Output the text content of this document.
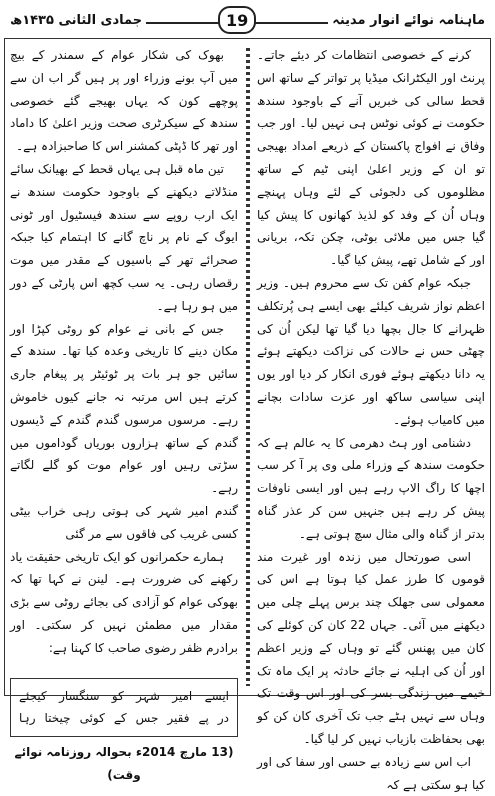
ماہنامہ نوائے انوار مدینہ
19
جمادی الثانی ۱۴۳۵ھ

کرنے کے خصوصی انتظامات کر دیئے جاتے۔ پرنٹ اور الیکٹرانک میڈیا پر تواتر کے ساتھ اس قحط سالی کی خبریں آنے کے باوجود سندھ حکومت نے کوئی نوٹس ہی نہیں لیا۔ اور جب وفاق نے افواج پاکستان کے ذریعے امداد بھیجی تو ان کے وزیر اعلیٰ اپنی ٹیم کے ساتھ مظلوموں کی دلجوئی کے لئے وہاں پہنچے وہاں اُن کے وفد کو لذیذ کھانوں کا پیش کیا گیا جس میں ملائی بوٹی، چکن تکہ، بریانی اور کے شامل تھے، پیش کیا گیا۔

جبکہ عوام کفن تک سے محروم ہیں۔ وزیر اعظم نواز شریف کیلئے بھی ایسے ہی پُرتکلف ظہرانے کا جال بچھا دیا گیا تھا لیکن اُن کی چھٹی حس نے حالات کی نزاکت دیکھتے ہوئے یہ دانا دیکھتے ہوئے فوری انکار کر دیا اور یوں اپنی سیاسی ساکھ اور عزت سادات بچانے میں کامیاب ہوئے۔

دشنامی اور ہٹ دھرمی کا یہ عالم ہے کہ حکومت سندھ کے وزراء ملی وی پر آ کر سب اچھا کا راگ الاپ رہے ہیں اور ایسی ناوفات پیش کر رہے ہیں جنہیں سن کر عذر گناہ بدتر از گناہ والی مثال سچ ہوتی ہے۔

اسی صورتحال میں زندہ اور غیرت مند قوموں کا طرز عمل کیا ہوتا ہے اس کی معمولی سی جھلک چند برس پہلے چلی میں دیکھنے میں آئی۔ جہاں 22 کان کن کوئلے کی کان میں پھنس گئے تو وہاں کے وزیر اعظم اور اُن کی اہلیہ نے جائے حادثہ پر ایک ماہ تک خیمے میں زندگی بسر کی اور اس وقت تک وہاں سے نہیں ہٹے جب تک آخری کان کن کو بھی بحفاظت بازیاب نہیں کر لیا گیا۔

اب اس سے زیادہ بے حسی اور سفا کی اور کیا ہو سکتی ہے کہ

بھوک کی شکار عوام کے سمندر کے بیچ میں آپ بونے وزراء اور پر ہیں گر اب ان سے پوچھے کون کہ یہاں بھیجے گئے خصوصی سندھ کے سیکرٹری صحت وزیر اعلیٰ کا داماد اور تھر کا ڈپٹی کمشنر اس کا صاحبزادہ ہے۔

تین ماہ قبل ہی یہاں قحط کے بھیانک سائے منڈلاتے دیکھنے کے باوجود حکومت سندھ نے ایک ارب روپے سے سندھ فیسٹیول اور ٹونی ایوگ کے نام پر ناچ گانے کا اہتمام کیا جبکہ صحرائے تھر کے باسیوں کے مقدر میں موت رقصاں رہی۔ یہ سب کچھ اس پارٹی کے دور میں ہو رہا ہے۔

جس کے بانی نے عوام کو روٹی کپڑا اور مکان دینے کا تاریخی وعدہ کیا تھا۔ سندھ کے سائیں جو ہر بات پر ٹوئیٹر پر پیغام جاری کرتے ہیں اس مرتبہ نہ جانے کیوں خاموش رہے۔ مرسوں مرسوں گندم گندم کے ڈیسوں گندم کے ساتھ ہزاروں بوریاں گوداموں میں سڑتی رہیں اور عوام موت کو گلے لگاتے رہے۔

گندم امیر شہر کی ہوتی رہی خراب بیٹی کسی غریب کی فاقوں سے مر گئی

ہمارے حکمرانوں کو ایک تاریخی حقیقت یاد رکھنے کی ضرورت ہے۔ لینن نے کہا تھا کہ بھوکی عوام کو آزادی کی بجائے روٹی سے بڑی مقدار میں مطمئن نہیں کر سکتی۔ اور برادرم ظفر رضوی صاحب کا کہنا ہے:

ایسے امیر شہر کو سنگسار کیجئے
در پے فقیر جس کے کوئی چیختا رہا
(13 مارچ 2014ء بحوالہ روزنامہ نوائے وقت)
